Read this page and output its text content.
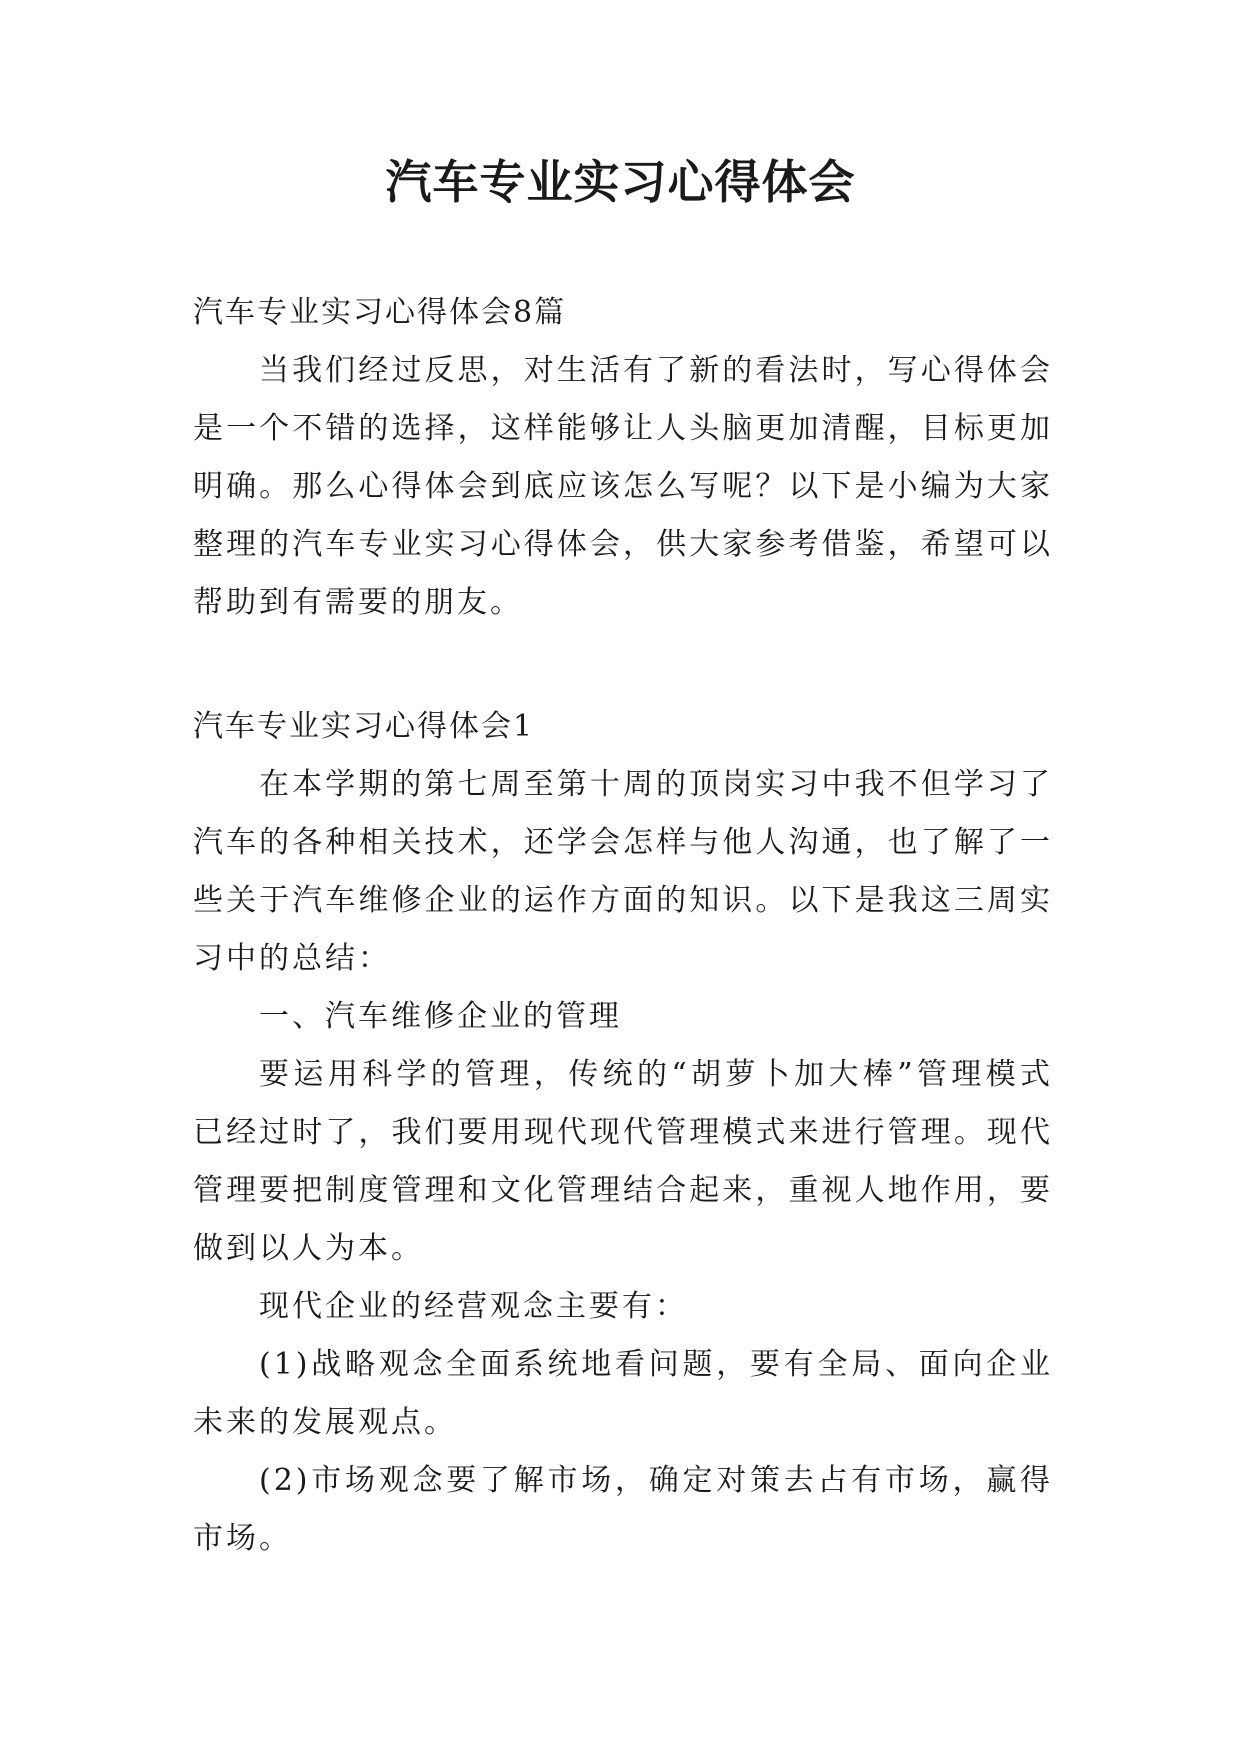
汽车专业实习心得体会

汽车专业实习心得体会8篇

当我们经过反思，对生活有了新的看法时，写心得体会是一个不错的选择，这样能够让人头脑更加清醒，目标更加明确。那么心得体会到底应该怎么写呢？以下是小编为大家整理的汽车专业实习心得体会，供大家参考借鉴，希望可以帮助到有需要的朋友。

汽车专业实习心得体会1

在本学期的第七周至第十周的顶岗实习中我不但学习了汽车的各种相关技术，还学会怎样与他人沟通，也了解了一些关于汽车维修企业的运作方面的知识。以下是我这三周实习中的总结：

一、汽车维修企业的管理

要运用科学的管理，传统的“胡萝卜加大棒”管理模式已经过时了，我们要用现代现代管理模式来进行管理。现代管理要把制度管理和文化管理结合起来，重视人地作用，要做到以人为本。

现代企业的经营观念主要有：

(1)战略观念全面系统地看问题，要有全局、面向企业未来的发展观点。

(2)市场观念要了解市场，确定对策去占有市场，赢得市场。
